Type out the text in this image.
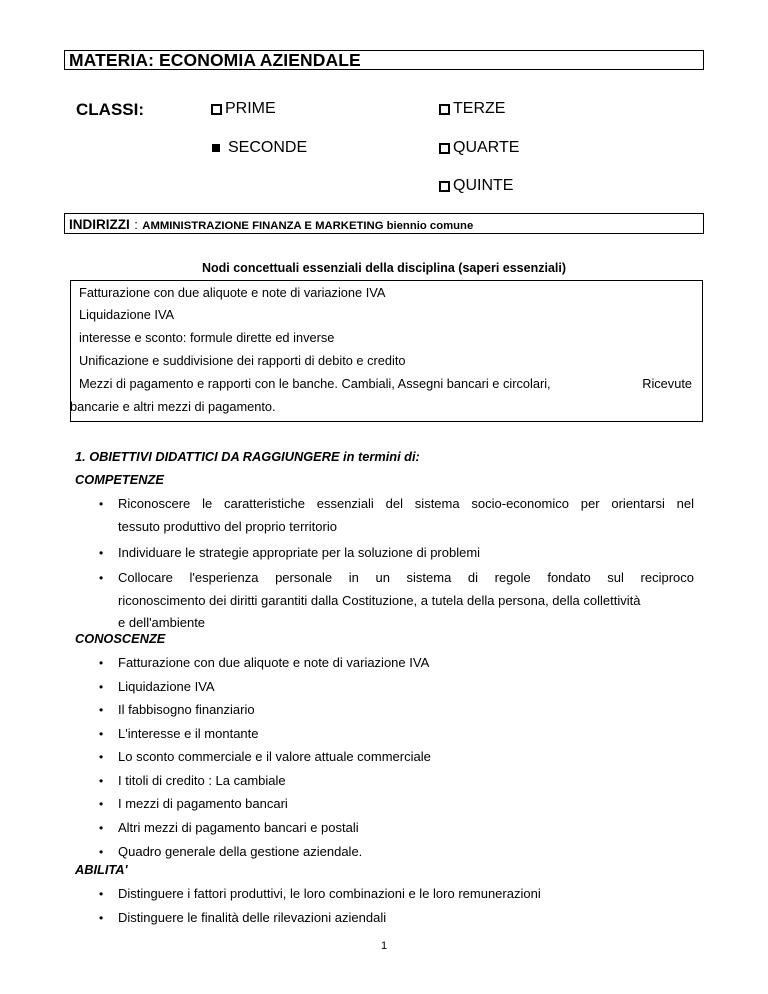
MATERIA: ECONOMIA AZIENDALE
CLASSI:	PRIME	TERZE
SECONDE	QUARTE
QUINTE
INDIRIZZI : AMMINISTRAZIONE FINANZA E MARKETING biennio comune
Nodi concettuali essenziali della disciplina (saperi essenziali)
Fatturazione con due aliquote e note di variazione IVA
Liquidazione IVA
interesse e sconto: formule dirette ed inverse
Unificazione e suddivisione dei rapporti di debito e credito
Mezzi di pagamento e rapporti con le banche. Cambiali, Assegni bancari e circolari,	Ricevute
bancarie e altri mezzi di pagamento.
1. OBIETTIVI DIDATTICI DA RAGGIUNGERE in termini di:
COMPETENZE
• Riconoscere le caratteristiche essenziali del sistema socio-economico per orientarsi nel
tessuto produttivo del proprio territorio
• Individuare le strategie appropriate per la soluzione di problemi
• Collocare l'esperienza personale in un sistema di regole fondato sul reciproco
riconoscimento dei diritti garantiti dalla Costituzione, a tutela della persona, della collettività
e dell'ambiente
CONOSCENZE
• Fatturazione con due aliquote e note di variazione IVA
• Liquidazione IVA
• Il fabbisogno finanziario
• L'interesse e il montante
• Lo sconto commerciale e il valore attuale commerciale
• I titoli di credito : La cambiale
• I mezzi di pagamento bancari
• Altri mezzi di pagamento bancari e postali
• Quadro generale della gestione aziendale.
ABILITA'
• Distinguere i fattori produttivi, le loro combinazioni e le loro remunerazioni
• Distinguere le finalità delle rilevazioni aziendali
1
